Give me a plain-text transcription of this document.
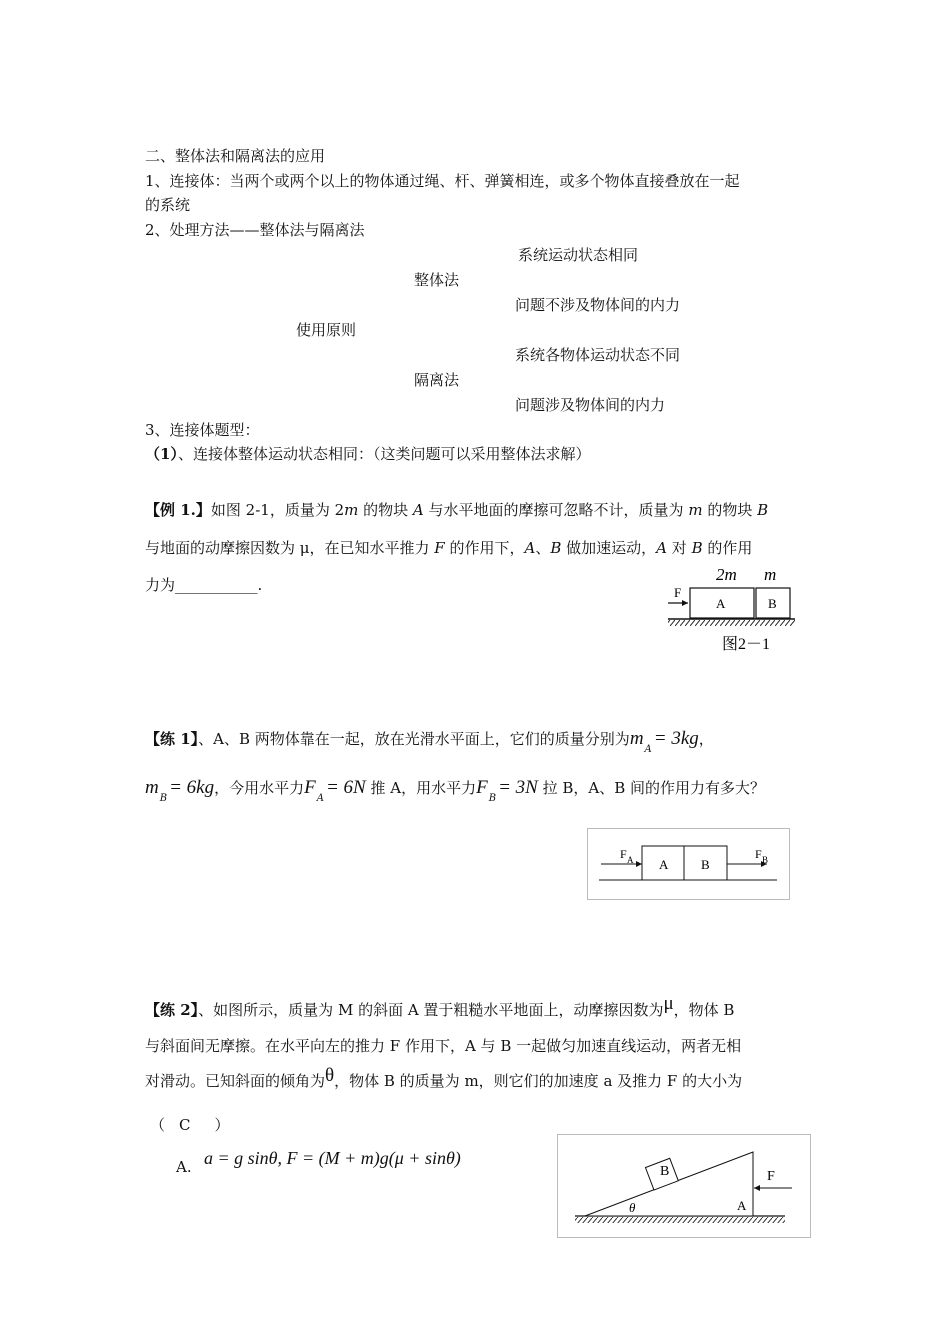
二、整体法和隔离法的应用
1、连接体：当两个或两个以上的物体通过绳、杆、弹簧相连，或多个物体直接叠放在一起
的系统
2、处理方法——整体法与隔离法
系统运动状态相同
整体法
问题不涉及物体间的内力
使用原则
系统各物体运动状态不同
隔离法
问题涉及物体间的内力
3、连接体题型：
（1）、连接体整体运动状态相同：（这类问题可以采用整体法求解）
【例 1.】如图 2-1，质量为 2m 的物块 A 与水平地面的摩擦可忽略不计，质量为 m 的物块 B
与地面的动摩擦因数为 μ，在已知水平推力 F 的作用下，A、B 做加速运动，A 对 B 的作用
力为___________.
2m m
F
A	B
图2－1
【练 1】、A、B 两物体靠在一起，放在光滑水平面上，它们的质量分别为$m_A= 3kg$，
$m_B= 6kg$，今用水平力$F_A= 6N$ 推 A，用水平力$F_B= 3N$ 拉 B，A、B 间的作用力有多大？
F A A	B
F B
【练 2】、如图所示，质量为 M 的斜面 A 置于粗糙水平地面上，动摩擦因数为μ，物体 B
与斜面间无摩擦。在水平向左的推力 F 作用下，A 与 B 一起做匀加速直线运动，两者无相
对滑动。已知斜面的倾角为θ，物体 B 的质量为 m，则它们的加速度 a 及推力 F 的大小为
（ C ）
A. a = g sinθ, F = (M + m)g(μ + sinθ)
B
A
θ
F
